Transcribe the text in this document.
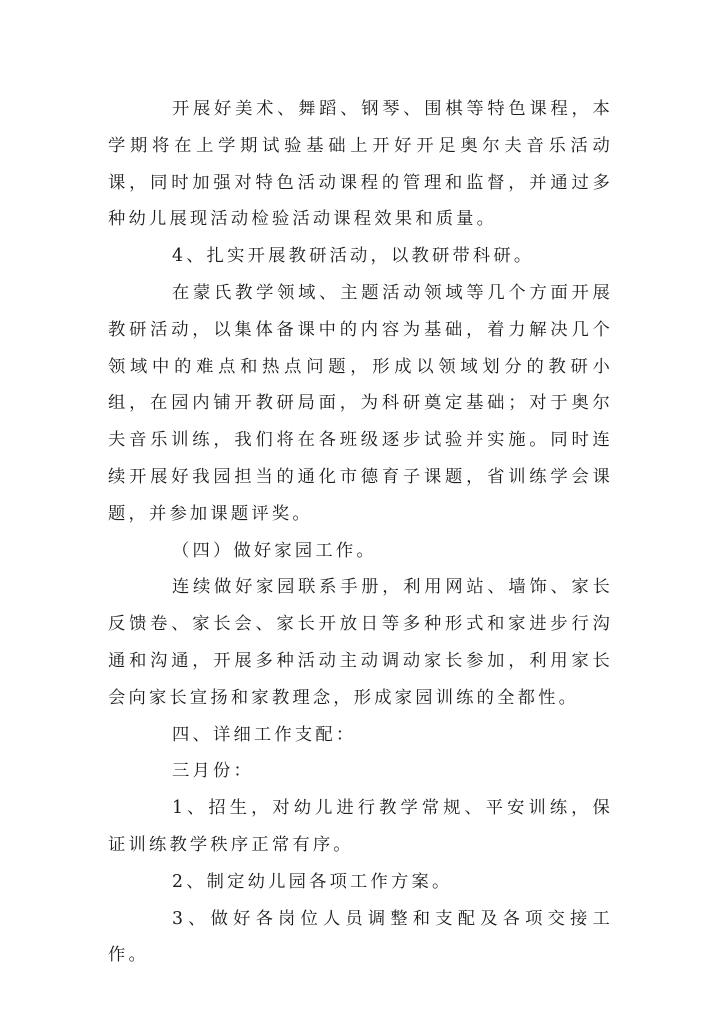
开展好美术、舞蹈、钢琴、围棋等特色课程，本学期将在上学期试验基础上开好开足奥尔夫音乐活动课，同时加强对特色活动课程的管理和监督，并通过多种幼儿展现活动检验活动课程效果和质量。

4、扎实开展教研活动，以教研带科研。

在蒙氏教学领域、主题活动领域等几个方面开展教研活动，以集体备课中的内容为基础，着力解决几个领域中的难点和热点问题，形成以领域划分的教研小组，在园内铺开教研局面，为科研奠定基础；对于奥尔夫音乐训练，我们将在各班级逐步试验并实施。同时连续开展好我园担当的通化市德育子课题，省训练学会课题，并参加课题评奖。

（四）做好家园工作。

连续做好家园联系手册，利用网站、墙饰、家长反馈卷、家长会、家长开放日等多种形式和家进步行沟通和沟通，开展多种活动主动调动家长参加，利用家长会向家长宣扬和家教理念，形成家园训练的全都性。

四、详细工作支配：

三月份：

1、招生，对幼儿进行教学常规、平安训练，保证训练教学秩序正常有序。

2、制定幼儿园各项工作方案。

3、做好各岗位人员调整和支配及各项交接工作。
